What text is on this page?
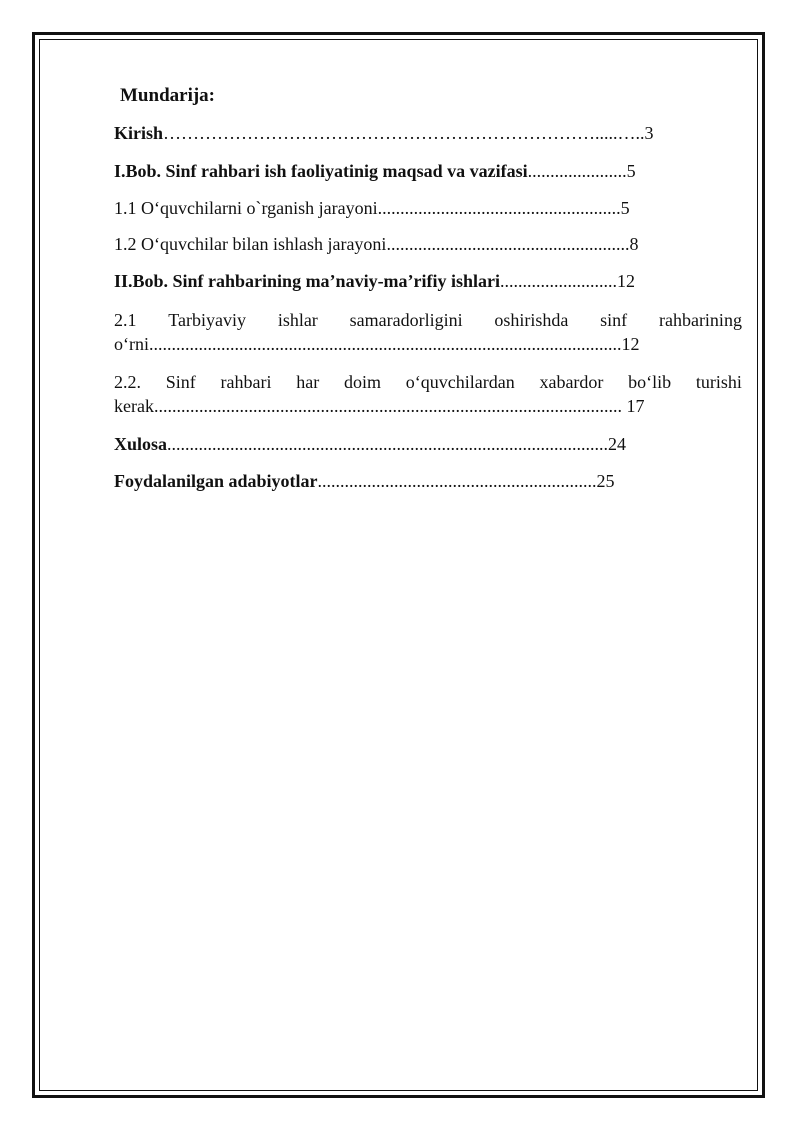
Mundarija:
Kirish……………………………………………………………….....…..3
I.Bob. Sinf rahbari ish faoliyatinig maqsad va vazifasi......................5
1.1 O‘quvchilarni o`rganish jarayoni......................................................5
1.2 O‘quvchilar bilan ishlash jarayoni......................................................8
II.Bob. Sinf rahbarining ma’naviy-ma’rifiy ishlari..........................12
2.1 Tarbiyaviy ishlar samaradorligini oshirishda sinf rahbarining
o‘rni.........................................................................................................12
2.2. Sinf rahbari har doim o‘quvchilardan xabardor bo‘lib turishi
kerak........................................................................................................ 17
Xulosa..................................................................................................24
Foydalanilgan adabiyotlar..............................................................25
